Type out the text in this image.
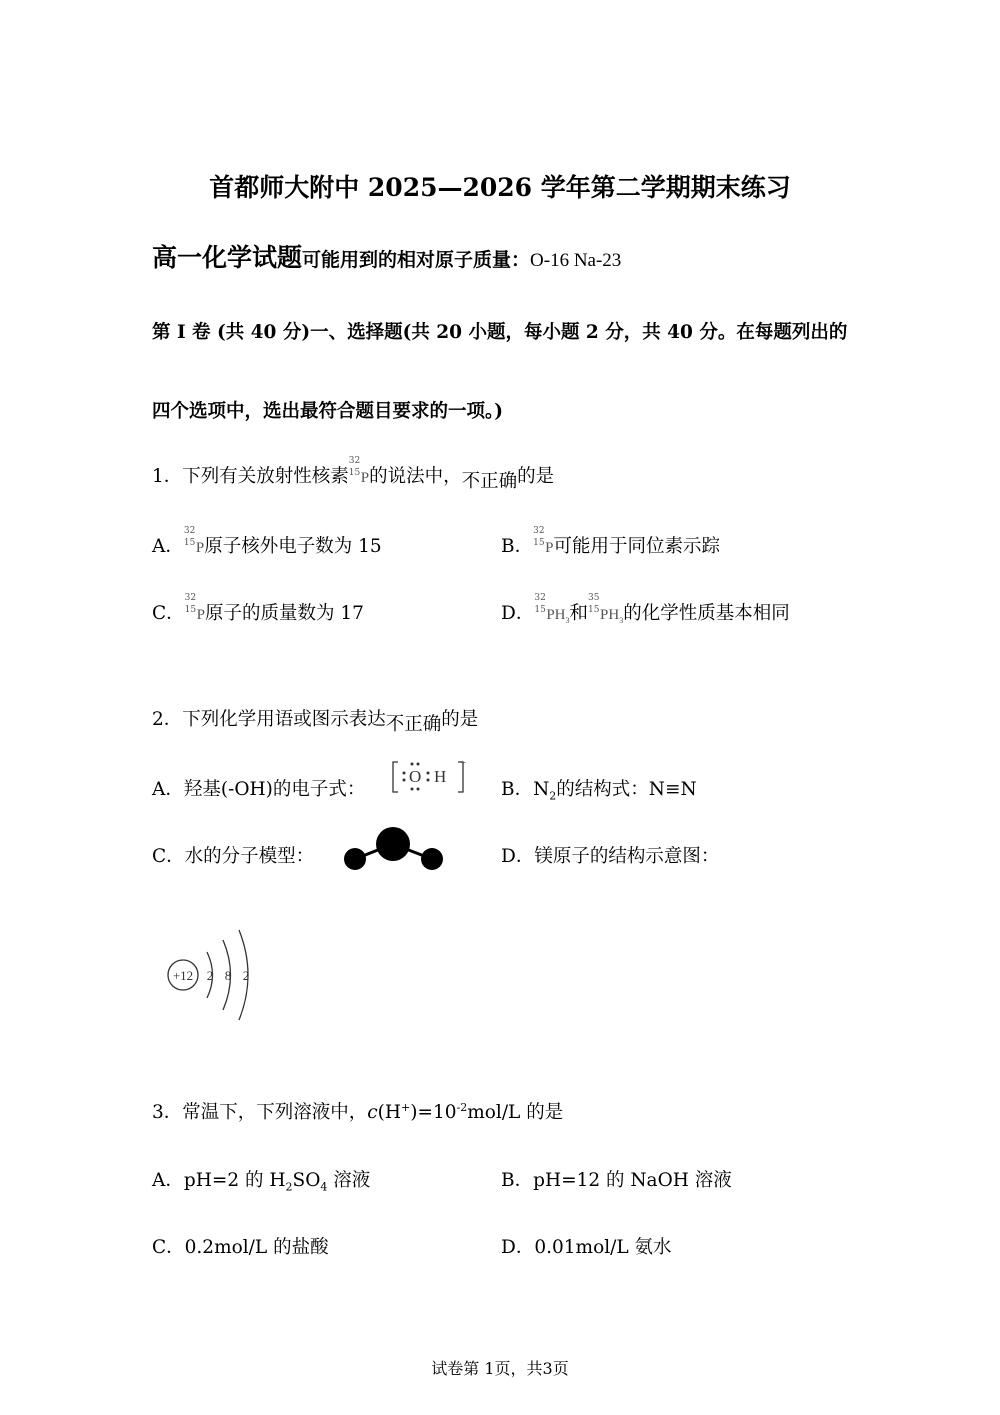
首都师大附中 2025—2026 学年第二学期期末练习
高一化学试题可能用到的相对原子质量：O-16 Na-23
第 I 卷 (共 40 分)一、选择题(共 20 小题，每小题 2 分，共 40 分。在每题列出的
四个选项中，选出最符合题目要求的一项。)
1．下列有关放射性核素
32
15 P的说法中，不正确的是
A．
32
15 P原子核外电子数为 15	B．
32
15 P可能用于同位素示踪
C．
32
15 P原子的质量数为 17	D．
32
15 $PH_3$和
35
15 $PH_3$的化学性质基本相同
2．下列化学用语或图示表达不正确的是
A．羟基(-OH)的电子式：
O H
−
B．$N_2$的结构式：N≡N
C．水的分子模型：	D．镁原子的结构示意图：
+12 2 8 2
3．常温下，下列溶液中，$c(H^+)=10^{-2}mol/L$ 的是
A．pH=2 的 $H_2SO_4$ 溶液	B．pH=12 的 NaOH 溶液
C．0.2mol/L 的盐酸	D．0.01mol/L 氨水
试卷第 1页，共3页
